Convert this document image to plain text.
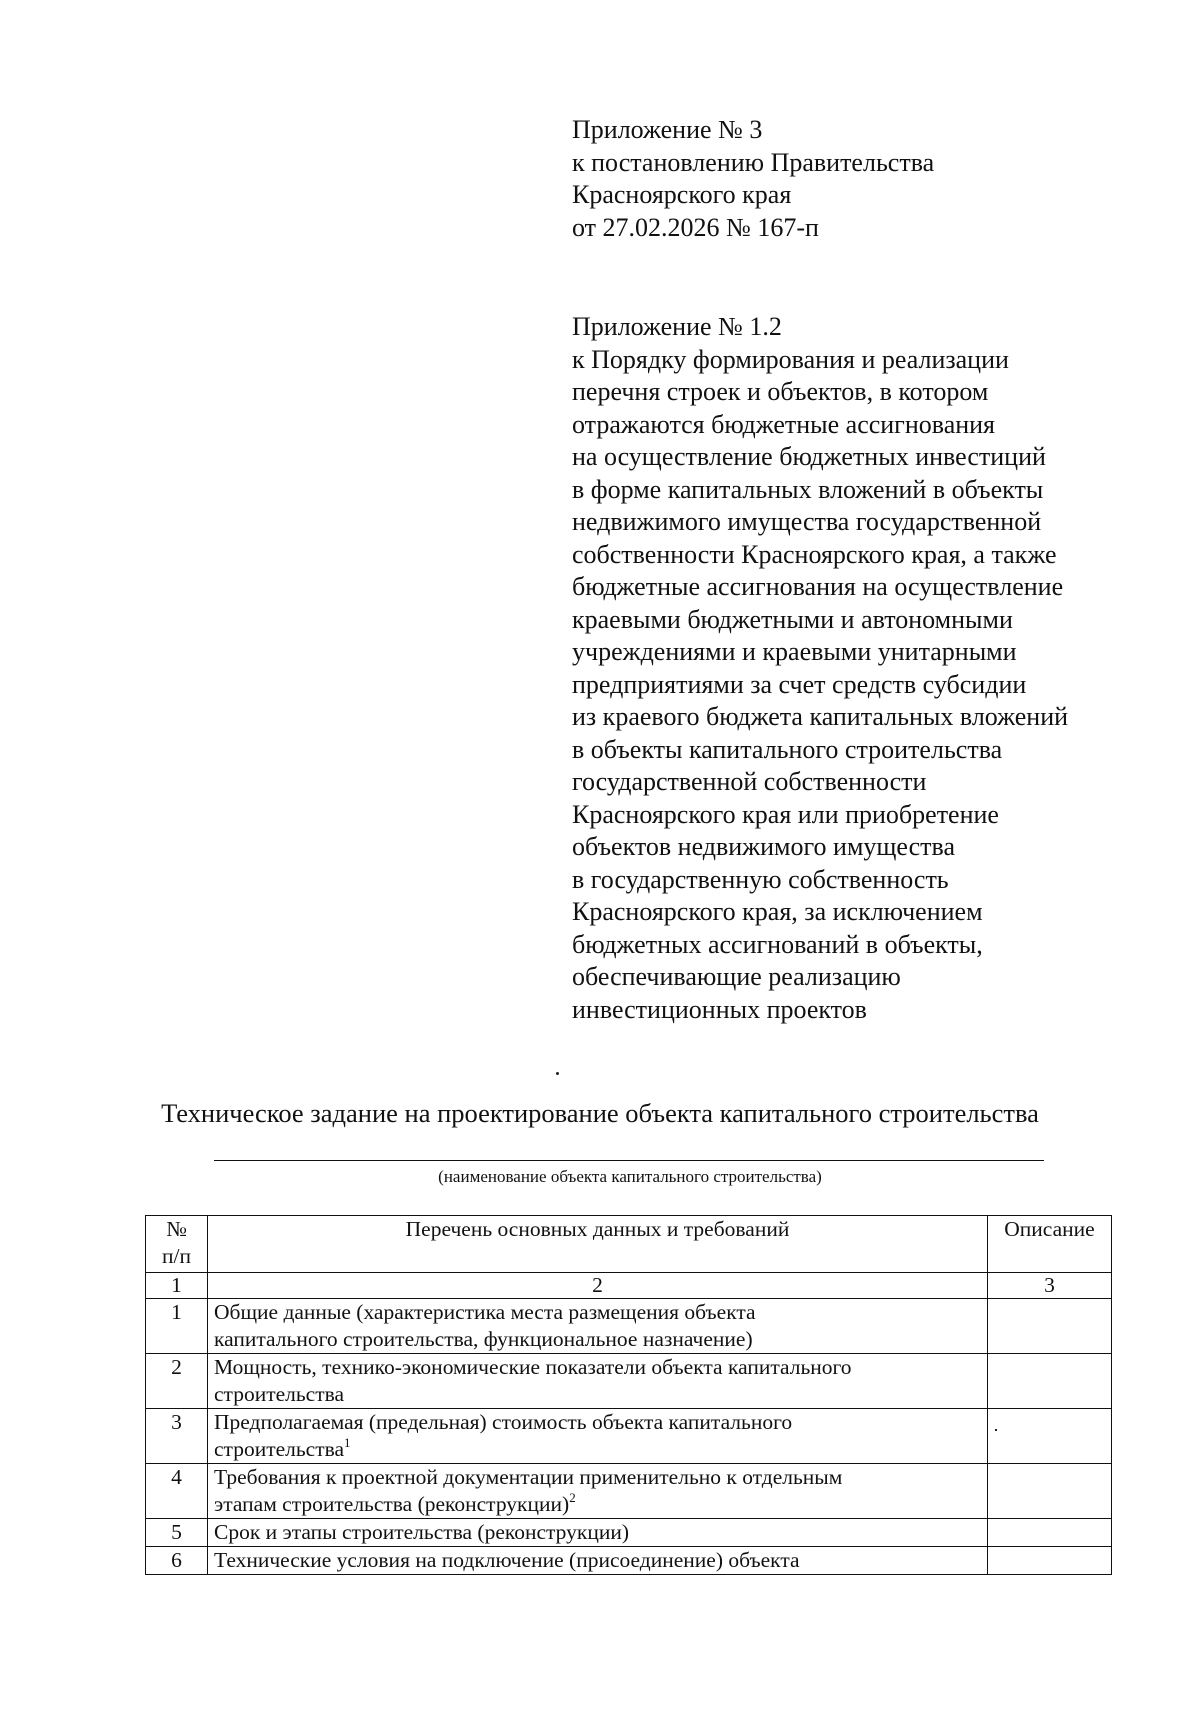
Приложение № 3
к постановлению Правительства
Красноярского края
от 27.02.2026 № 167-п
Приложение № 1.2
к Порядку формирования и реализации
перечня строек и объектов, в котором
отражаются бюджетные ассигнования
на осуществление бюджетных инвестиций
в форме капитальных вложений в объекты
недвижимого имущества государственной
собственности Красноярского края, а также
бюджетные ассигнования на осуществление
краевыми бюджетными и автономными
учреждениями и краевыми унитарными
предприятиями за счет средств субсидии
из краевого бюджета капитальных вложений
в объекты капитального строительства
государственной собственности
Красноярского края или приобретение
объектов недвижимого имущества
в государственную собственность
Красноярского края, за исключением
бюджетных ассигнований в объекты,
обеспечивающие реализацию
инвестиционных проектов
Техническое задание на проектирование объекта капитального строительства
(наименование объекта капитального строительства)
№
п/п	Перечень основных данных и требований	Описание
1	2	3
1	Общие данные (характеристика места размещения объекта
капитального строительства, функциональное назначение)	

2	Мощность, технико-экономические показатели объекта капитального
строительства	

3	Предполагаемая (предельная) стоимость объекта капитального
строительства$^1$

4	Требования к проектной документации применительно к отдельным
этапам строительства (реконструкции)$^2$

5	Срок и этапы строительства (реконструкции)	

6	Технические условия на подключение (присоединение) объекта	
